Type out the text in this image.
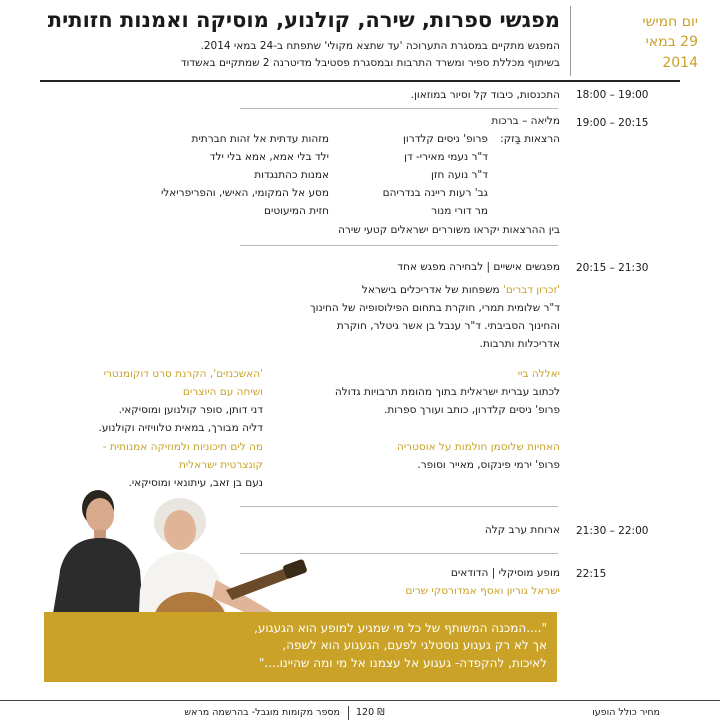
מפגשי ספרות, שירה, קולנוע, מוסיקה ואמנות חזותית
המפגש מתקיים במסגרת התערוכה 'עד שתצא מקולי' שתפתח ב-24 במאי 2014.
בשיתוף מכללת ספיר ומשרד התרבות ובמסגרת פסטיבל מדיטרנה 2 שמתקיים באשדוד
יום חמישי
29 במאי
2014
18:00 – 19:00
התכנסות, כיבוד קל וסיור במוזאון.
19:00 – 20:15
מליאה – ברכות
הרצאות בָּזק:
פרופ' ניסים קלדרון
ד"ר נעמי מאירי- דן
ד"ר נועה חזן
גב' רעות ריינה בנדריהם
מר דורי מנור
מזהות עדתית אל זהות חברתית
ילד בלי אמא, אמא בלי ילד
אמנות כהתנגדות
מסע אל המקומי, האישי, והפריפריאלי
חזית המיעוטים
בין ההרצאות יקראו משוררים ישראלים קטעי שירה
20:15 – 21:30
מפגשים אישיים | לבחירה מפגש אחד
'זכרון דברים' משפחות של אדריכלים בישראל
ד"ר שלומית תמרי, חוקרת בתחום הפילוסופיה של החינוך
והחינוך הסביבתי. ד"ר ענבל בן אשר גיטלר, חוקרת
אדריכלות ותרבות.
יאללה ביי
לכתוב עברית ישראלית בתוך מהומת תרבויות גדולה
פרופ' ניסים קלדרון, כותב ועורך ספרות.
האחיות שלוסמן חולמות על אוסטריה
פרופ' ירמי פינקוס, מאייר וסופר.
'האשכנזים', הקרנת סרט דוקומנטרי
ושיחה עם היוצרים
דני דותן, סופר קולנוען ומוסיקאי.
דליה מבורך, במאית טלוויזיה וקולנוע.
מה לים תיכוניות ולמוזיקה אמנותית -
קונצרטית ישראלית
נעם בן זאב, עיתונאי ומוסיקאי.
21:30 – 22:00
ארוחת ערב קלה
22:15
מופע מוסיקלי | הדודאים
ישראל גוריון ואסף אמדורסקי שרים
"....המכנה המשותף של כל מי שמגיע למופע הוא הגעגוע,
אך לא רק געגוע נוסטלגי לפעם, הגעגוע הוא לשפה,
לאיכות, להקפדה- געגוע אל עצמנו אל מי ומה שהיינו...."
מחיר כולל הופעו
120 ₪
מספר מקומות מוגבל- בהרשמה מראש
